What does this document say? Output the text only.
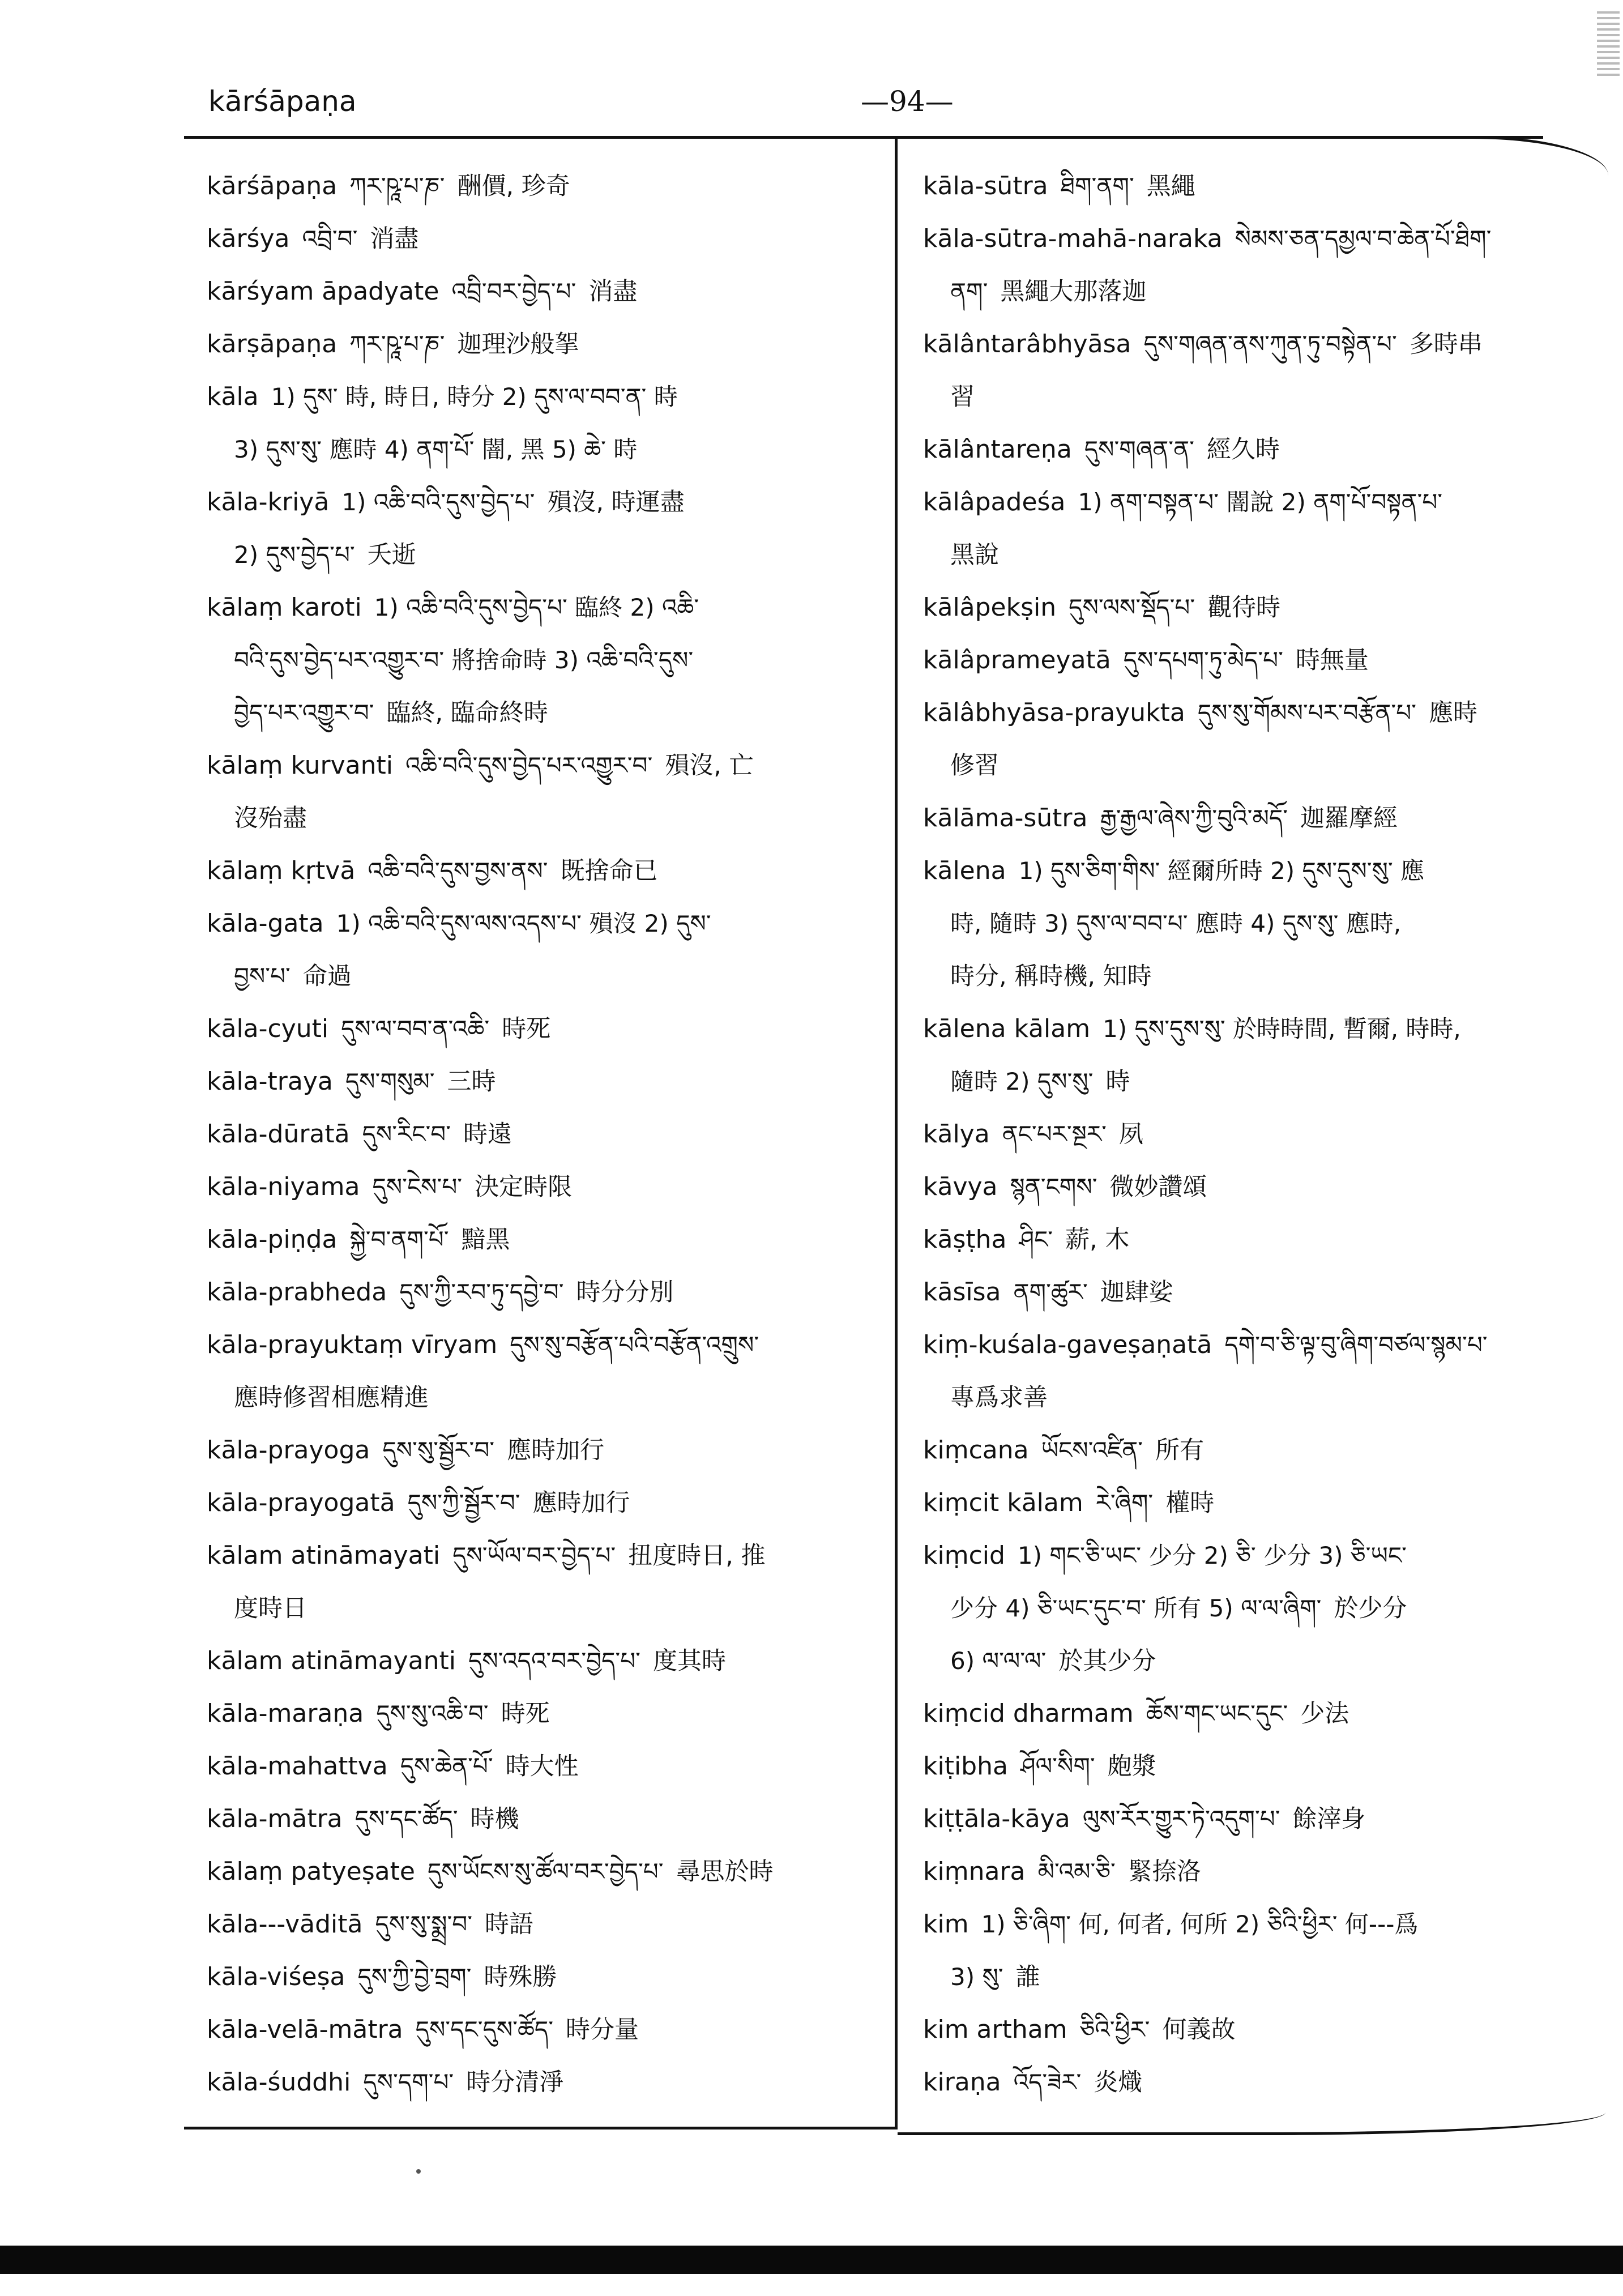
kārśāpaṇa	—94—
kārśāpaṇa ཀར་ཥཱ་པ་ཎ་ 酬價, 珍奇
kārśya འབྲི་བ་ 消盡
kārśyam āpadyate འབྲི་བར་བྱེད་པ་ 消盡
kārṣāpaṇa ཀར་ཥཱ་པ་ཎ་ 迦理沙般挐
kāla 1) དུས་ 時, 時日, 時分 2) དུས་ལ་བབ་ན་ 時
3) དུས་སུ་ 應時 4) ནག་པོ་ 闇, 黑 5) ཆེ་ 時
kāla-kriyā 1) འཆི་བའི་དུས་བྱེད་པ་ 殞沒, 時運盡
2) དུས་བྱེད་པ་ 夭逝
kālaṃ karoti 1) འཆི་བའི་དུས་བྱེད་པ་ 臨終 2) འཆི་
བའི་དུས་བྱེད་པར་འགྱུར་བ་ 將捨命時 3) འཆི་བའི་དུས་
བྱེད་པར་འགྱུར་བ་ 臨終, 臨命終時
kālaṃ kurvanti འཆི་བའི་དུས་བྱེད་པར་འགྱུར་བ་ 殞沒, 亡
沒殆盡
kālaṃ kṛtvā འཆི་བའི་དུས་བྱས་ནས་ 既捨命已
kāla-gata 1) འཆི་བའི་དུས་ལས་འདས་པ་ 殞沒 2) དུས་
བྱས་པ་ 命過
kāla-cyuti དུས་ལ་བབ་ན་འཆི་ 時死
kāla-traya དུས་གསུམ་ 三時
kāla-dūratā དུས་རིང་བ་ 時遠
kāla-niyama དུས་ངེས་པ་ 決定時限
kāla-piṇḍa སྐྱེ་བ་ནག་པོ་ 黯黑
kāla-prabheda དུས་ཀྱི་རབ་ཏུ་དབྱེ་བ་ 時分分別
kāla-prayuktaṃ vīryam དུས་སུ་བརྩོན་པའི་བརྩོན་འགྲུས་
應時修習相應精進
kāla-prayoga དུས་སུ་སྦྱོར་བ་ 應時加行
kāla-prayogatā དུས་ཀྱི་སྦྱོར་བ་ 應時加行
kālam atināmayati དུས་ཡོལ་བར་བྱེད་པ་ 扭度時日, 推
度時日
kālam atināmayanti དུས་འདའ་བར་བྱེད་པ་ 度其時
kāla-maraṇa དུས་སུ་འཆི་བ་ 時死
kāla-mahattva དུས་ཆེན་པོ་ 時大性
kāla-mātra དུས་དང་ཚོད་ 時機
kālaṃ patyeṣate དུས་ཡོངས་སུ་ཚོལ་བར་བྱེད་པ་ 尋思於時
kāla---vāditā དུས་སུ་སྨྲ་བ་ 時語
kāla-viśeṣa དུས་ཀྱི་བྱེ་བྲག་ 時殊勝
kāla-velā-mātra དུས་དང་དུས་ཚོད་ 時分量
kāla-śuddhi དུས་དག་པ་ 時分清淨
kāla-sūtra ཐིག་ནག་ 黑繩
kāla-sūtra-mahā-naraka སེམས་ཅན་དམྱལ་བ་ཆེན་པོ་ཐིག་
ནག་ 黑繩大那落迦
kālântarâbhyāsa དུས་གཞན་ནས་ཀུན་ཏུ་བསྟེན་པ་ 多時串
習
kālântareṇa དུས་གཞན་ན་ 經久時
kālâpadeśa 1) ནག་བསྟན་པ་ 闇說 2) ནག་པོ་བསྟན་པ་
黑說
kālâpekṣin དུས་ལས་སྡོད་པ་ 觀待時
kālâprameyatā དུས་དཔག་ཏུ་མེད་པ་ 時無量
kālâbhyāsa-prayukta དུས་སུ་གོམས་པར་བརྩོན་པ་ 應時
修習
kālāma-sūtra རྒྱ་རྒྱལ་ཞེས་ཀྱི་བུའི་མདོ་ 迦羅摩經
kālena 1) དུས་ཅིག་གིས་ 經爾所時 2) དུས་དུས་སུ་ 應
時, 隨時 3) དུས་ལ་བབ་པ་ 應時 4) དུས་སུ་ 應時,
時分, 稱時機, 知時
kālena kālam 1) དུས་དུས་སུ་ 於時時間, 暫爾, 時時,
隨時 2) དུས་སུ་ 時
kālya ནང་པར་སྔར་ 夙
kāvya སྙན་ངགས་ 微妙讚頌
kāṣṭha ཤིང་ 薪, 木
kāsīsa ནག་ཚུར་ 迦肆娑
kiṃ-kuśala-gaveṣaṇatā དགེ་བ་ཅི་ལྟ་བུ་ཞིག་བཙལ་སྙམ་པ་
專爲求善
kiṃcana ཡོངས་འཛིན་ 所有
kiṃcit kālam རེ་ཞིག་ 權時
kiṃcid 1) གང་ཅི་ཡང་ 少分 2) ཅི་ 少分 3) ཅི་ཡང་
少分 4) ཅི་ཡང་དུང་བ་ 所有 5) ལ་ལ་ཞིག་ 於少分
6) ལ་ལ་ལ་ 於其少分
kiṃcid dharmam ཆོས་གང་ཡང་དུང་ 少法
kiṭibha ཤོལ་སིག་ 皰漿
kiṭṭāla-kāya ལུས་རོར་གྱུར་ཏེ་འདུག་པ་ 餘滓身
kiṃnara མི་འམ་ཅི་ 緊捺洛
kim 1) ཅི་ཞིག་ 何, 何者, 何所 2) ཅིའི་ཕྱིར་ 何---爲
3) སུ་ 誰
kim artham ཅིའི་ཕྱིར་ 何義故
kiraṇa འོད་ཟེར་ 炎熾
